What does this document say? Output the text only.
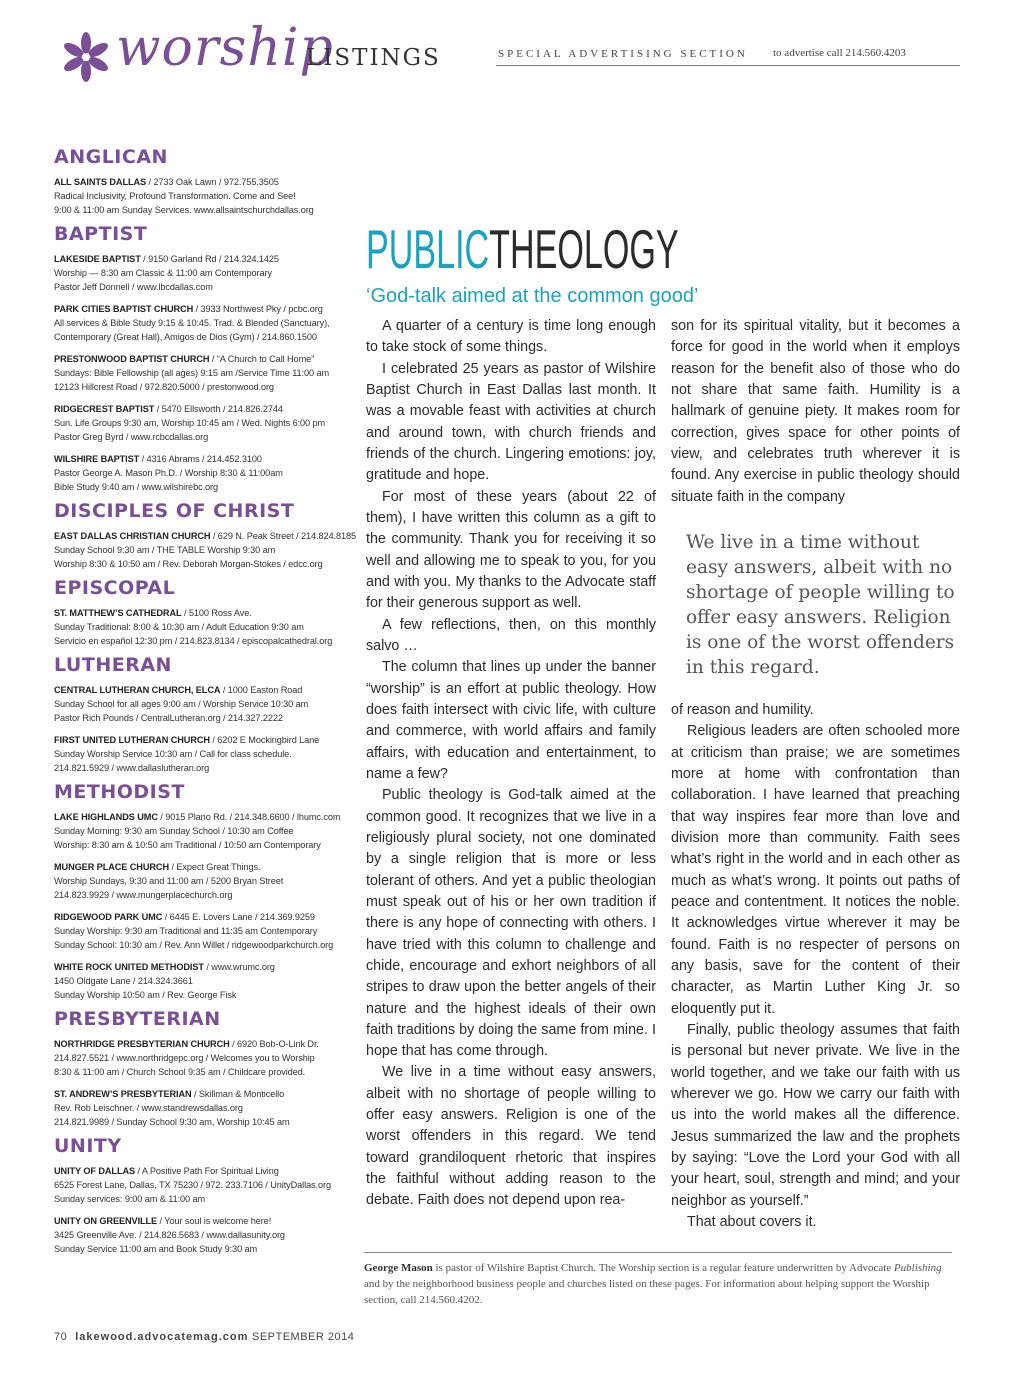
worship
LISTINGS	SPECIAL ADVERTISING SECTION to advertise call 214.560.4203
ANGLICAN
ALL SAINTS DALLAS / 2733 Oak Lawn / 972.755.3505
Radical Inclusivity, Profound Transformation. Come and See!
9:00 & 11:00 am Sunday Services. www.allsaintschurchdallas.org
BAPTIST
LAKESIDE BAPTIST / 9150 Garland Rd / 214.324.1425
Worship — 8:30 am Classic & 11:00 am Contemporary
Pastor Jeff Donnell / www.lbcdallas.com
PARK CITIES BAPTIST CHURCH / 3933 Northwest Pky / pcbc.org
All services & Bible Study 9:15 & 10:45. Trad. & Blended (Sanctuary),
Contemporary (Great Hall), Amigos de Dios (Gym) / 214.860.1500
PRESTONWOOD BAPTIST CHURCH / “A Church to Call Home”
Sundays: Bible Fellowship (all ages) 9:15 am /Service Time 11:00 am
12123 Hillcrest Road / 972.820.5000 / prestonwood.org
RIDGECREST BAPTIST / 5470 Ellsworth / 214.826.2744
Sun. Life Groups 9:30 am, Worship 10:45 am / Wed. Nights 6:00 pm
Pastor Greg Byrd / www.rcbcdallas.org
WILSHIRE BAPTIST / 4316 Abrams / 214.452.3100
Pastor George A. Mason Ph.D. / Worship 8:30 & 11:00am
Bible Study 9:40 am / www.wilshirebc.org
DISCIPLES OF CHRIST
EAST DALLAS CHRISTIAN CHURCH / 629 N. Peak Street / 214.824.8185
Sunday School 9:30 am / THE TABLE Worship 9:30 am
Worship 8:30 & 10:50 am / Rev. Deborah Morgan-Stokes / edcc.org
EPISCOPAL
ST. MATTHEW’S CATHEDRAL / 5100 Ross Ave.
Sunday Traditional: 8:00 & 10:30 am / Adult Education 9:30 am
Servicio en español 12:30 pm / 214.823.8134 / episcopalcathedral.org
LUTHERAN
CENTRAL LUTHERAN CHURCH, ELCA / 1000 Easton Road
Sunday School for all ages 9:00 am / Worship Service 10:30 am
Pastor Rich Pounds / CentralLutheran.org / 214.327.2222
FIRST UNITED LUTHERAN CHURCH / 6202 E Mockingbird Lane
Sunday Worship Service 10:30 am / Call for class schedule.
214.821.5929 / www.dallaslutheran.org
METHODIST
LAKE HIGHLANDS UMC / 9015 Plano Rd. / 214.348.6600 / lhumc.com
Sunday Morning: 9:30 am Sunday School / 10:30 am Coffee
Worship: 8:30 am & 10:50 am Traditional / 10:50 am Contemporary
MUNGER PLACE CHURCH / Expect Great Things.
Worship Sundays, 9:30 and 11:00 am / 5200 Bryan Street
214.823.9929 / www.mungerplacechurch.org
RIDGEWOOD PARK UMC / 6445 E. Lovers Lane / 214.369.9259
Sunday Worship: 9:30 am Traditional and 11:35 am Contemporary
Sunday School: 10:30 am / Rev. Ann Willet / ridgewoodparkchurch.org
WHITE ROCK UNITED METHODIST / www.wrumc.org
1450 Oldgate Lane / 214.324.3661
Sunday Worship 10:50 am / Rev. George Fisk
PRESBYTERIAN
NORTHRIDGE PRESBYTERIAN CHURCH / 6920 Bob-O-Link Dr.
214.827.5521 / www.northridgepc.org / Welcomes you to Worship
8:30 & 11:00 am / Church School 9:35 am / Childcare provided.
ST. ANDREW’S PRESBYTERIAN / Skillman & Monticello
Rev. Rob Leischner. / www.standrewsdallas.org
214.821.9989 / Sunday School 9:30 am, Worship 10:45 am
UNITY
UNITY OF DALLAS / A Positive Path For Spiritual Living
6525 Forest Lane, Dallas, TX 75230 / 972. 233.7106 / UnityDallas.org
Sunday services: 9:00 am & 11:00 am
UNITY ON GREENVILLE / Your soul is welcome here!
3425 Greenville Ave. / 214.826.5683 / www.dallasunity.org
Sunday Service 11:00 am and Book Study 9:30 am
PUBLICTHEOLOGY
‘God-talk aimed at the common good’

A quarter of a century is time long enough to take stock of some things.

I celebrated 25 years as pastor of Wilshire Baptist Church in East Dallas last month. It was a movable feast with activities at church and around town, with church friends and friends of the church. Lingering emotions: joy, gratitude and hope.

For most of these years (about 22 of them), I have written this column as a gift to the community. Thank you for receiving it so well and allowing me to speak to you, for you and with you. My thanks to the Advocate staff for their generous support as well.

A few reflections, then, on this monthly salvo …

The column that lines up under the banner “worship” is an effort at public theology. How does faith intersect with civic life, with culture and commerce, with world affairs and family affairs, with education and entertainment, to name a few?

Public theology is God-talk aimed at the common good. It recognizes that we live in a religiously plural society, not one dominated by a single religion that is more or less tolerant of others. And yet a public theologian must speak out of his or her own tradition if there is any hope of connecting with others. I have tried with this column to challenge and chide, encourage and exhort neighbors of all stripes to draw upon the better angels of their nature and the highest ideals of their own faith traditions by doing the same from mine. I hope that has come through.

We live in a time without easy answers, albeit with no shortage of people willing to offer easy answers. Religion is one of the worst offenders in this regard. We tend toward grandiloquent rhetoric that inspires the faithful without adding reason to the debate. Faith does not depend upon rea-

son for its spiritual vitality, but it becomes a force for good in the world when it employs reason for the benefit also of those who do not share that same faith. Humility is a hallmark of genuine piety. It makes room for correction, gives space for other points of view, and celebrates truth wherever it is found. Any exercise in public theology should situate faith in the company

We live in a time without easy answers, albeit with no shortage of people willing to offer easy answers. Religion is one of the worst offenders in this regard.

of reason and humility.

Religious leaders are often schooled more at criticism than praise; we are sometimes more at home with confrontation than collaboration. I have learned that preaching that way inspires fear more than love and division more than community. Faith sees what’s right in the world and in each other as much as what’s wrong. It points out paths of peace and contentment. It notices the noble. It acknowledges virtue wherever it may be found. Faith is no respecter of persons on any basis, save for the content of their character, as Martin Luther King Jr. so eloquently put it.

Finally, public theology assumes that faith is personal but never private. We live in the world together, and we take our faith with us wherever we go. How we carry our faith with us into the world makes all the difference. Jesus summarized the law and the prophets by saying: “Love the Lord your God with all your heart, soul, strength and mind; and your neighbor as yourself.”

That about covers it.

George Mason is pastor of Wilshire Baptist Church. The Worship section is a regular feature underwritten by Advocate Publishing and by the neighborhood business people and churches listed on these pages. For information about helping support the Worship section, call 214.560.4202.
70 lakewood.advocatemag.com SEPTEMBER 2014
